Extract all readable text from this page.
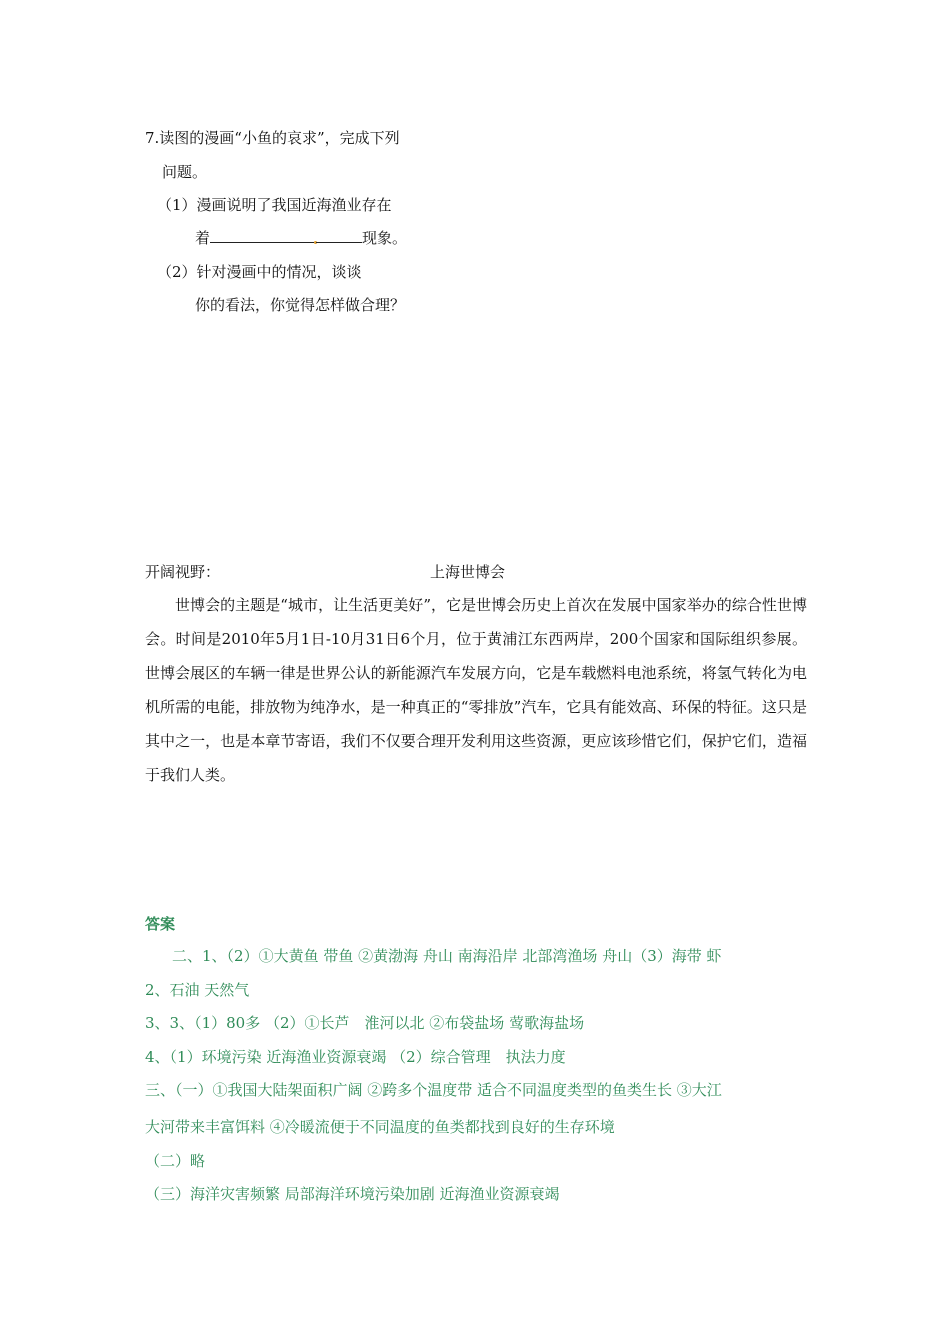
7.读图的漫画“小鱼的哀求”，完成下列
问题。
（1）漫画说明了我国近海渔业存在
着	现象。
（2）针对漫画中的情况，谈谈
你的看法，你觉得怎样做合理？
开阔视野：	上海世博会

世博会的主题是“城市，让生活更美好”，它是世博会历史上首次在发展中国家举办的综合性世博会。时间是2010年5月1日-10月31日6个月，位于黄浦江东西两岸，200个国家和国际组织参展。世博会展区的车辆一律是世界公认的新能源汽车发展方向，它是车载燃料电池系统，将氢气转化为电机所需的电能，排放物为纯净水，是一种真正的“零排放”汽车，它具有能效高、环保的特征。这只是其中之一，也是本章节寄语，我们不仅要合理开发利用这些资源，更应该珍惜它们，保护它们，造福于我们人类。

答案
二、1、（2）①大黄鱼 带鱼 ②黄渤海 舟山 南海沿岸 北部湾渔场 舟山（3）海带 虾
2、石油 天然气
3、3、（1）80多 （2）①长芦　淮河以北 ②布袋盐场 莺歌海盐场
4、（1）环境污染 近海渔业资源衰竭 （2）综合管理　执法力度
三、（一）①我国大陆架面积广阔 ②跨多个温度带 适合不同温度类型的鱼类生长 ③大江
大河带来丰富饵料 ④冷暖流便于不同温度的鱼类都找到良好的生存环境
（二）略
（三）海洋灾害频繁 局部海洋环境污染加剧 近海渔业资源衰竭
